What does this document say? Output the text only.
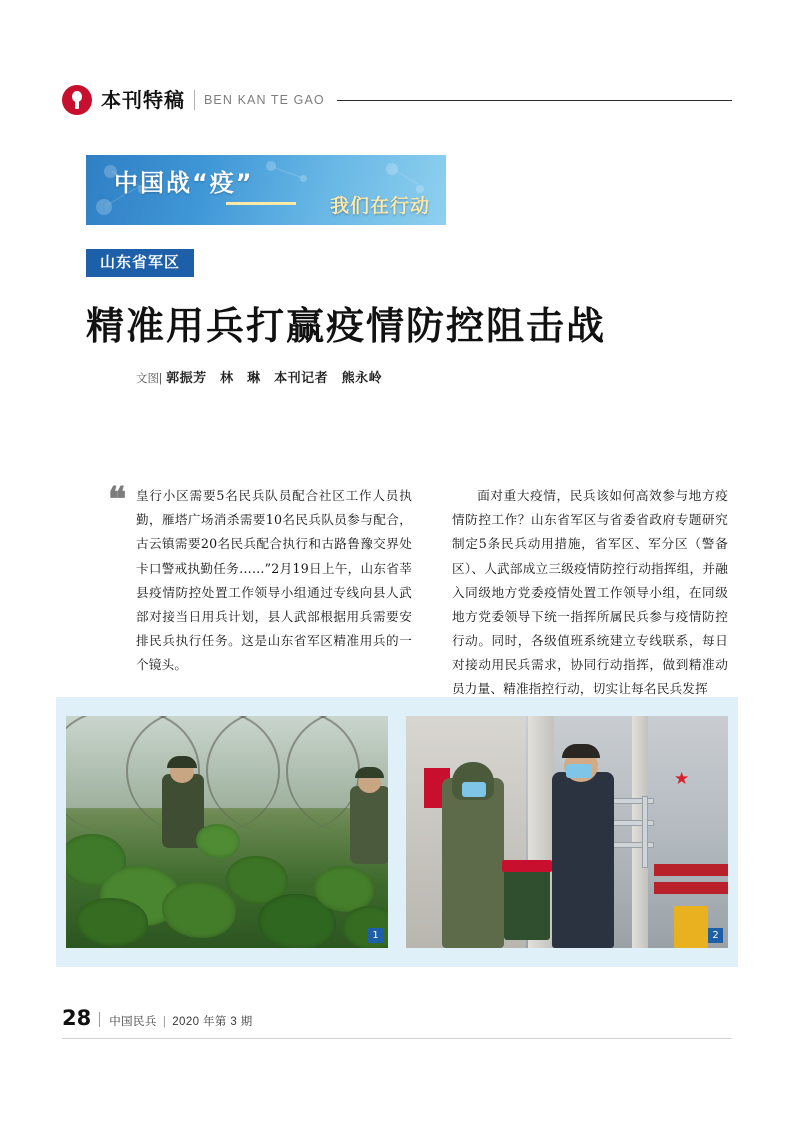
本刊特稿 BEN KAN TE GAO
中国战“疫”
我们在行动
山东省军区
精准用兵打赢疫情防控阻击战
文图| 郭振芳　林　琳　本刊记者　熊永岭
❝ 皇行小区需要5名民兵队员配合社区工作人员执勤，雁塔广场消杀需要10名民兵队员参与配合，古云镇需要20名民兵配合执行和古路鲁豫交界处卡口警戒执勤任务……”2月19日上午，山东省莘县疫情防控处置工作领导小组通过专线向县人武部对接当日用兵计划，县人武部根据用兵需要安排民兵执行任务。这是山东省军区精准用兵的一个镜头。

面对重大疫情，民兵该如何高效参与地方疫情防控工作？山东省军区与省委省政府专题研究制定5条民兵动用措施，省军区、军分区（警备区）、人武部成立三级疫情防控行动指挥组，并融入同级地方党委疫情处置工作领导小组，在同级地方党委领导下统一指挥所属民兵参与疫情防控行动。同时，各级值班系统建立专线联系，每日对接动用民兵需求，协同行动指挥，做到精准动员力量、精准指控行动，切实让每名民兵发挥

1
★
2
28 中国民兵 | 2020 年第 3 期
